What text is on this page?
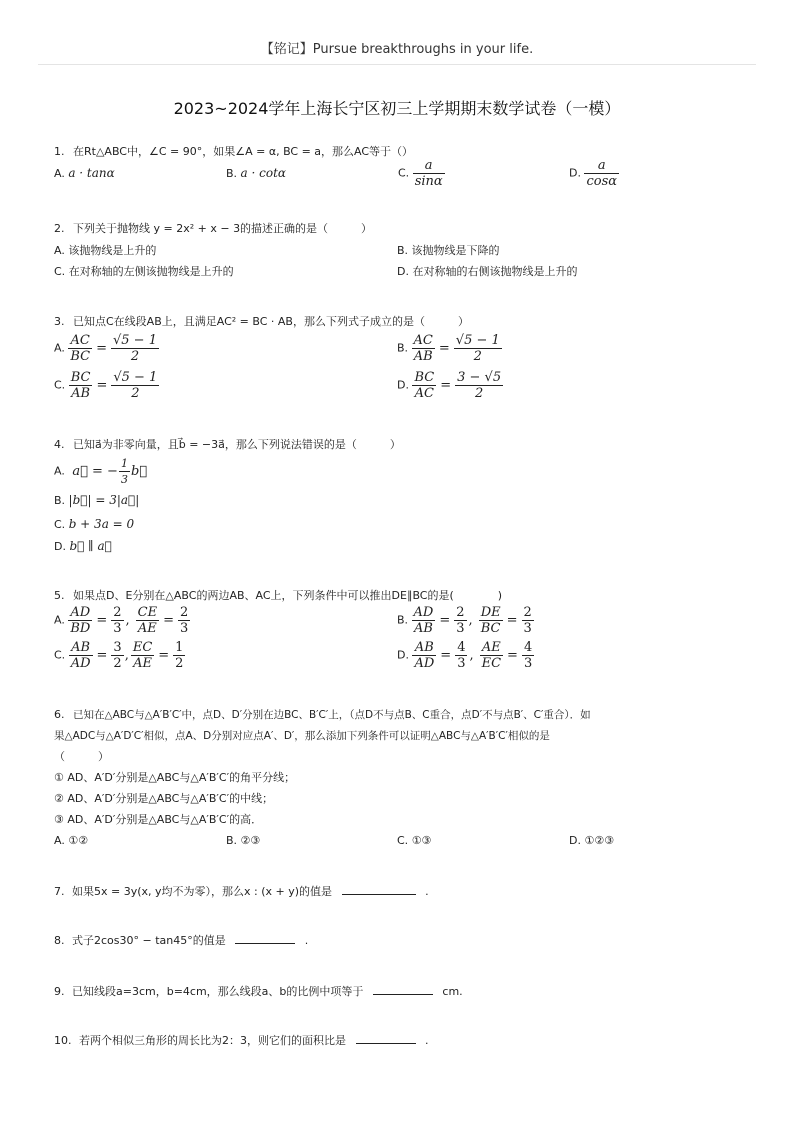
【铭记】Pursue breakthroughs in your life.
2023~2024学年上海长宁区初三上学期期末数学试卷（一模）
1. 在Rt△ABC中，∠C = 90°，如果∠A = α, BC = a，那么AC等于（）
A. a · tanα	B. a · cotα	C. $\frac{a}{\sin\alpha}$	D. $\frac{a}{\cos\alpha}$
2. 下列关于抛物线 y = 2x² + x − 3的描述正确的是（　　　）
A. 该抛物线是上升的	B. 该抛物线是下降的
C. 在对称轴的左侧该抛物线是上升的	D. 在对称轴的右侧该抛物线是上升的
3. 已知点C在线段AB上，且满足AC² = BC · AB，那么下列式子成立的是（　　　）
A. $\frac{AC}{BC} = \frac{√5 - 1}{2}$	B. $\frac{AC}{AB} = \frac{√5 - 1}{2}$
C. $\frac{BC}{AB} = \frac{√5 - 1}{2}$	D. $\frac{BC}{AC} = \frac{3 - √5}{2}$
4. 已知a⃗为非零向量，且b⃗ = −3a⃗，那么下列说法错误的是（　　　）
A. a⃗ = − $\frac{1}{3}$ b⃗
B. |b⃗| = 3|a⃗|
C. b + 3a = 0
D. b⃗ ∥ a⃗
5. 如果点D、E分别在△ABC的两边AB、AC上，下列条件中可以推出DE∥BC的是(　　　　)
A. $\frac{AD}{BD} = \frac{2}{3}$ , $\frac{CE}{AE} = \frac{2}{3}$	B. $\frac{AD}{AB} = \frac{2}{3}$ , $\frac{DE}{BC} = \frac{2}{3}$
C. $\frac{AB}{AD} = \frac{3}{2}$ , $\frac{EC}{AE} = \frac{1}{2}$	D. $\frac{AB}{AD} = \frac{4}{3}$ , $\frac{AE}{EC} = \frac{4}{3}$
6. 已知在△ABC与△A′B′C′中，点D、D′分别在边BC、B′C′上，（点D不与点B、C重合，点D′不与点B′、C′重合）．如
果△ADC与△A′D′C′相似，点A、D分别对应点A′、D′，那么添加下列条件可以证明△ABC与△A′B′C′相似的是
（　　　）
① AD、A′D′分别是△ABC与△A′B′C′的角平分线；
② AD、A′D′分别是△ABC与△A′B′C′的中线；
③ AD、A′D′分别是△ABC与△A′B′C′的高．
A. ①②	B. ②③	C. ①③	D. ①②③
7. 如果5x = 3y(x, y均不为零），那么x : (x + y)的值是	.
8. 式子2cos30° − tan45°的值是	.
9. 已知线段a=3cm，b=4cm，那么线段a、b的比例中项等于	cm.
10. 若两个相似三角形的周长比为2：3，则它们的面积比是	.
